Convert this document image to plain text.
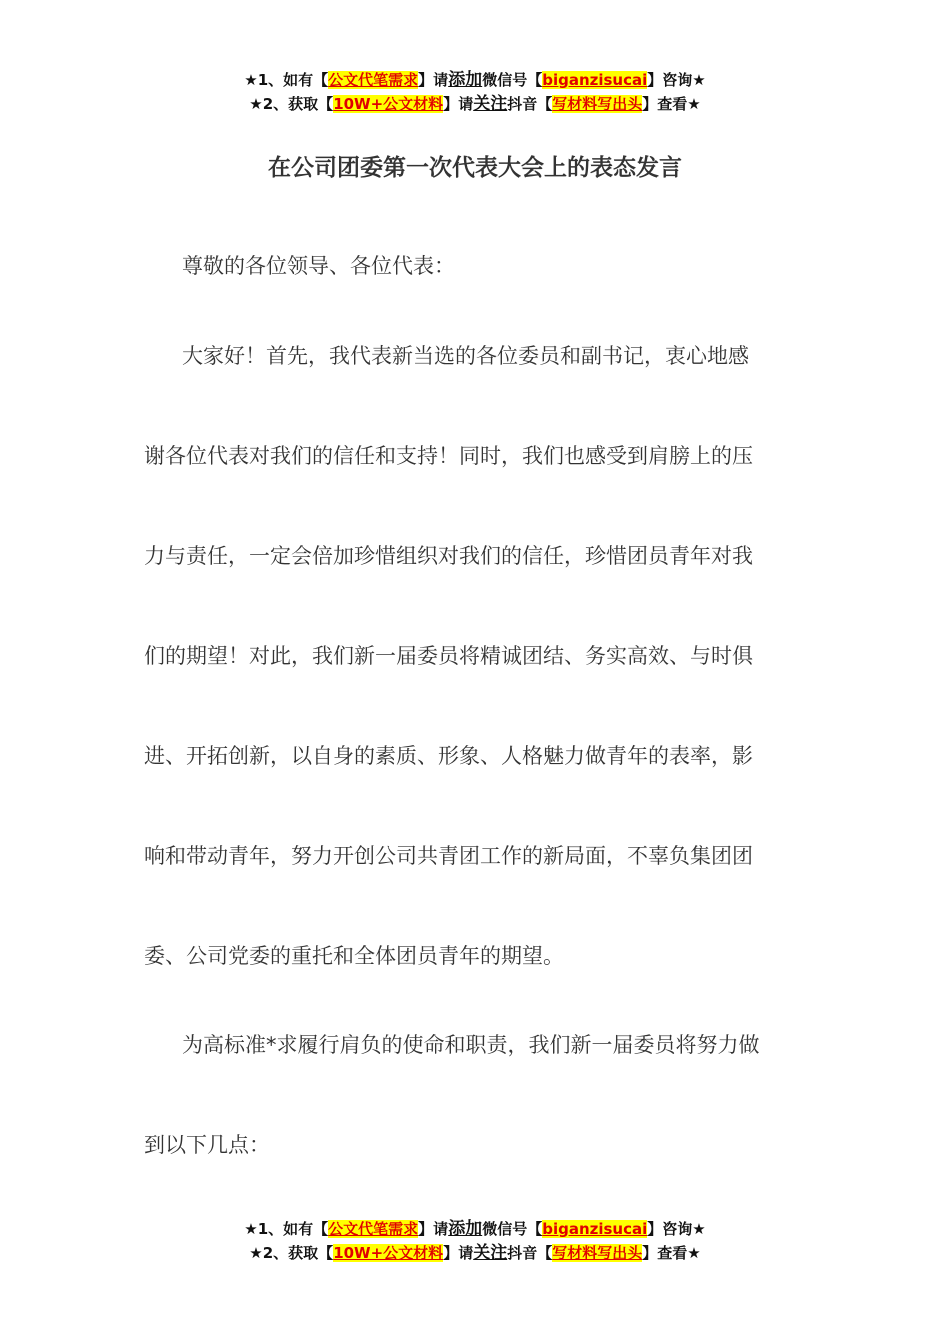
★1、如有【公文代笔需求】请添加微信号【biganzisucai】咨询★
★2、获取【10W+公文材料】请关注抖音【写材料写出头】查看★
在公司团委第一次代表大会上的表态发言
尊敬的各位领导、各位代表：
大家好！首先，我代表新当选的各位委员和副书记，衷心地感
谢各位代表对我们的信任和支持！同时，我们也感受到肩膀上的压
力与责任，一定会倍加珍惜组织对我们的信任，珍惜团员青年对我
们的期望！对此，我们新一届委员将精诚团结、务实高效、与时俱
进、开拓创新，以自身的素质、形象、人格魅力做青年的表率，影
响和带动青年，努力开创公司共青团工作的新局面，不辜负集团团
委、公司党委的重托和全体团员青年的期望。
为高标准*求履行肩负的使命和职责，我们新一届委员将努力做
到以下几点：
★1、如有【公文代笔需求】请添加微信号【biganzisucai】咨询★
★2、获取【10W+公文材料】请关注抖音【写材料写出头】查看★
